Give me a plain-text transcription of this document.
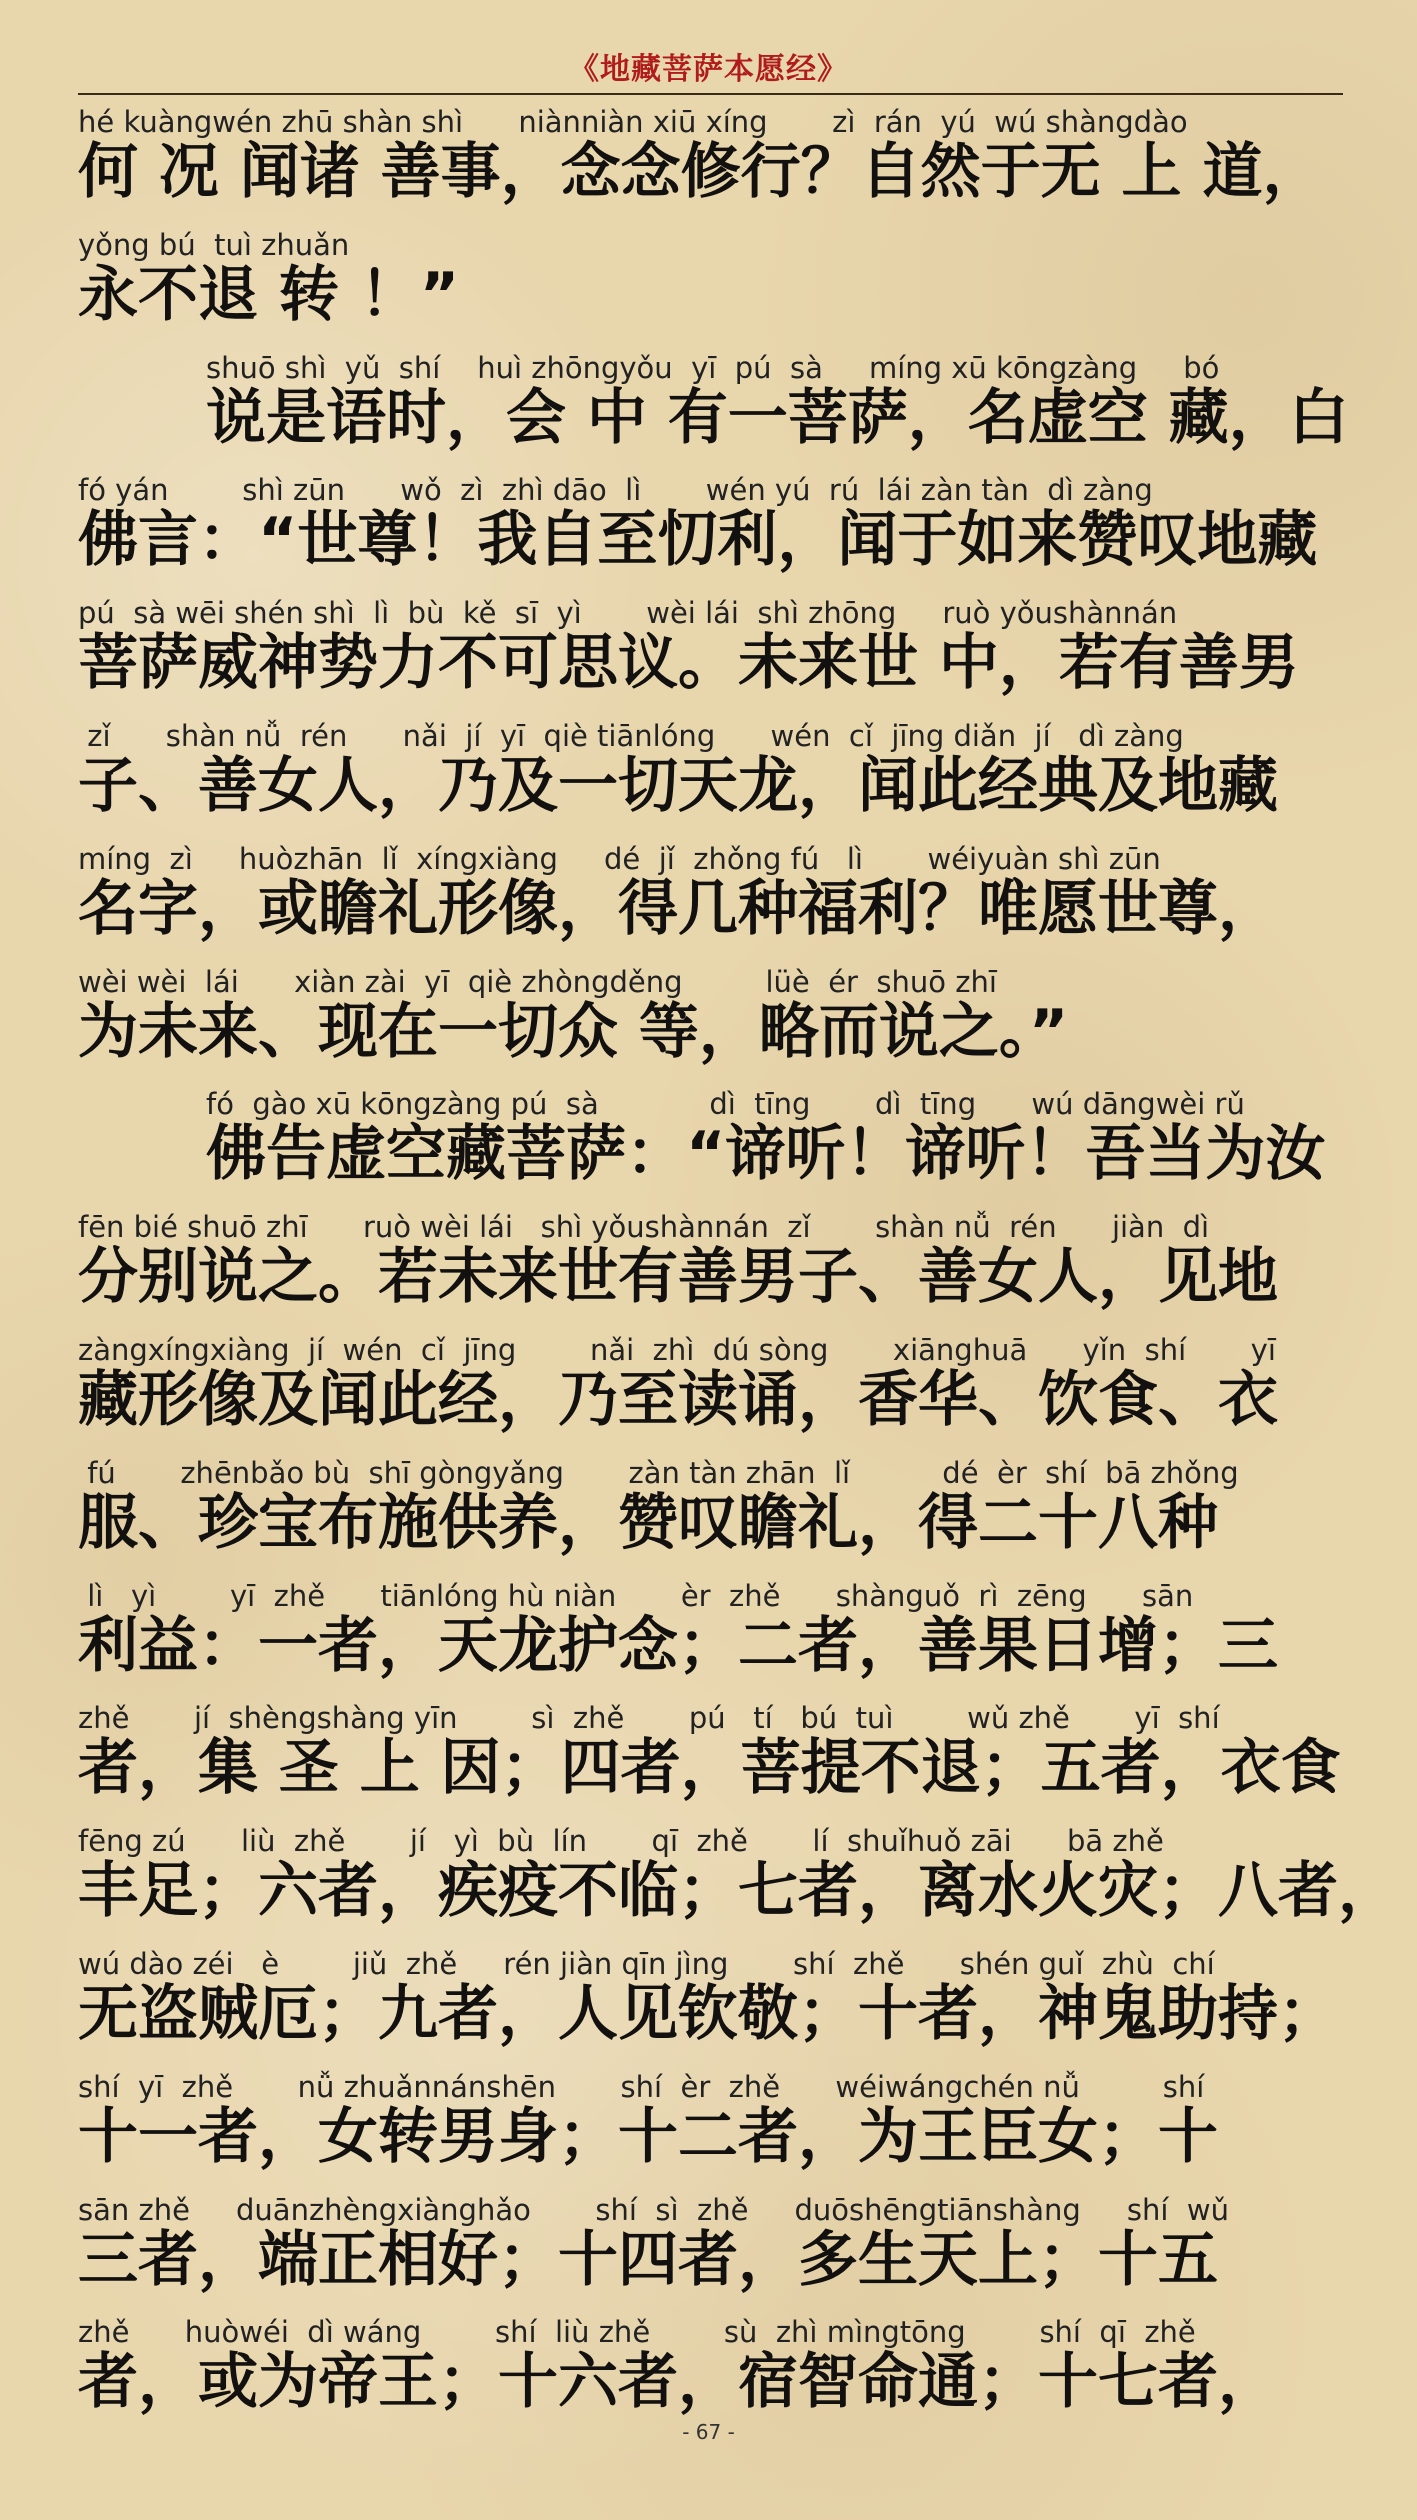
《地藏菩萨本愿经》
hé kuàngwén zhū shàn shì      niànniàn xiū xíng       zì  rán  yú  wú shàngdào
何 况 闻诸 善事，念念修行？自然于无 上 道，
yǒng bú  tuì zhuǎn
永不退 转 ！”
shuō shì  yǔ  shí    huì zhōngyǒu  yī  pú  sà     míng xū kōngzàng     bó
说是语时，会 中 有一菩萨，名虚空 藏，白
fó yán        shì zūn      wǒ  zì  zhì dāo  lì       wén yú  rú  lái zàn tàn  dì zàng
佛言：“世尊！我自至忉利，闻于如来赞叹地藏
pú  sà wēi shén shì  lì  bù  kě  sī  yì       wèi lái  shì zhōng     ruò yǒushànnán
菩萨威神势力不可思议。未来世 中，若有善男
zǐ      shàn nǚ  rén      nǎi  jí  yī  qiè tiānlóng      wén  cǐ  jīng diǎn  jí   dì zàng
子、善女人，乃及一切天龙，闻此经典及地藏
míng  zì     huòzhān  lǐ  xíngxiàng     dé  jǐ  zhǒng fú   lì       wéiyuàn shì zūn
名字，或瞻礼形像，得几种福利？唯愿世尊，
wèi wèi  lái      xiàn zài  yī  qiè zhòngděng         lüè  ér  shuō zhī
为未来、现在一切众 等，略而说之。”
fó  gào xū kōngzàng pú  sà            dì  tīng       dì  tīng      wú dāngwèi rǔ
佛告虚空藏菩萨：“谛听！谛听！吾当为汝
fēn bié shuō zhī      ruò wèi lái   shì yǒushànnán  zǐ       shàn nǚ  rén      jiàn  dì
分别说之。若未来世有善男子、善女人，见地
zàngxíngxiàng  jí  wén  cǐ  jīng        nǎi  zhì  dú sòng       xiānghuā      yǐn  shí       yī
藏形像及闻此经，乃至读诵，香华、饮食、衣
fú       zhēnbǎo bù  shī gòngyǎng       zàn tàn zhān  lǐ          dé  èr  shí  bā zhǒng
服、珍宝布施供养，赞叹瞻礼，得二十八种
lì   yì        yī  zhě      tiānlóng hù niàn       èr  zhě      shànguǒ  rì  zēng      sān
利益：一者，天龙护念；二者，善果日增；三
zhě       jí  shèngshàng yīn        sì  zhě       pú   tí   bú  tuì        wǔ zhě       yī  shí
者，集 圣 上 因；四者，菩提不退；五者，衣食
fēng zú      liù  zhě       jí   yì  bù  lín       qī  zhě       lí  shuǐhuǒ zāi      bā zhě
丰足；六者，疾疫不临；七者，离水火灾；八者，
wú dào zéi   è        jiǔ  zhě     rén jiàn qīn jìng       shí  zhě      shén guǐ  zhù  chí
无盗贼厄；九者，人见钦敬；十者，神鬼助持；
shí  yī  zhě       nǚ zhuǎnnánshēn       shí  èr  zhě      wéiwángchén nǚ         shí
十一者，女转男身；十二者，为王臣女；十
sān zhě     duānzhèngxiànghǎo       shí  sì  zhě     duōshēngtiānshàng     shí  wǔ
三者，端正相好；十四者，多生天上；十五
zhě      huòwéi  dì wáng        shí  liù zhě        sù  zhì mìngtōng        shí  qī  zhě
者，或为帝王；十六者，宿智命通；十七者，
- 67 -
